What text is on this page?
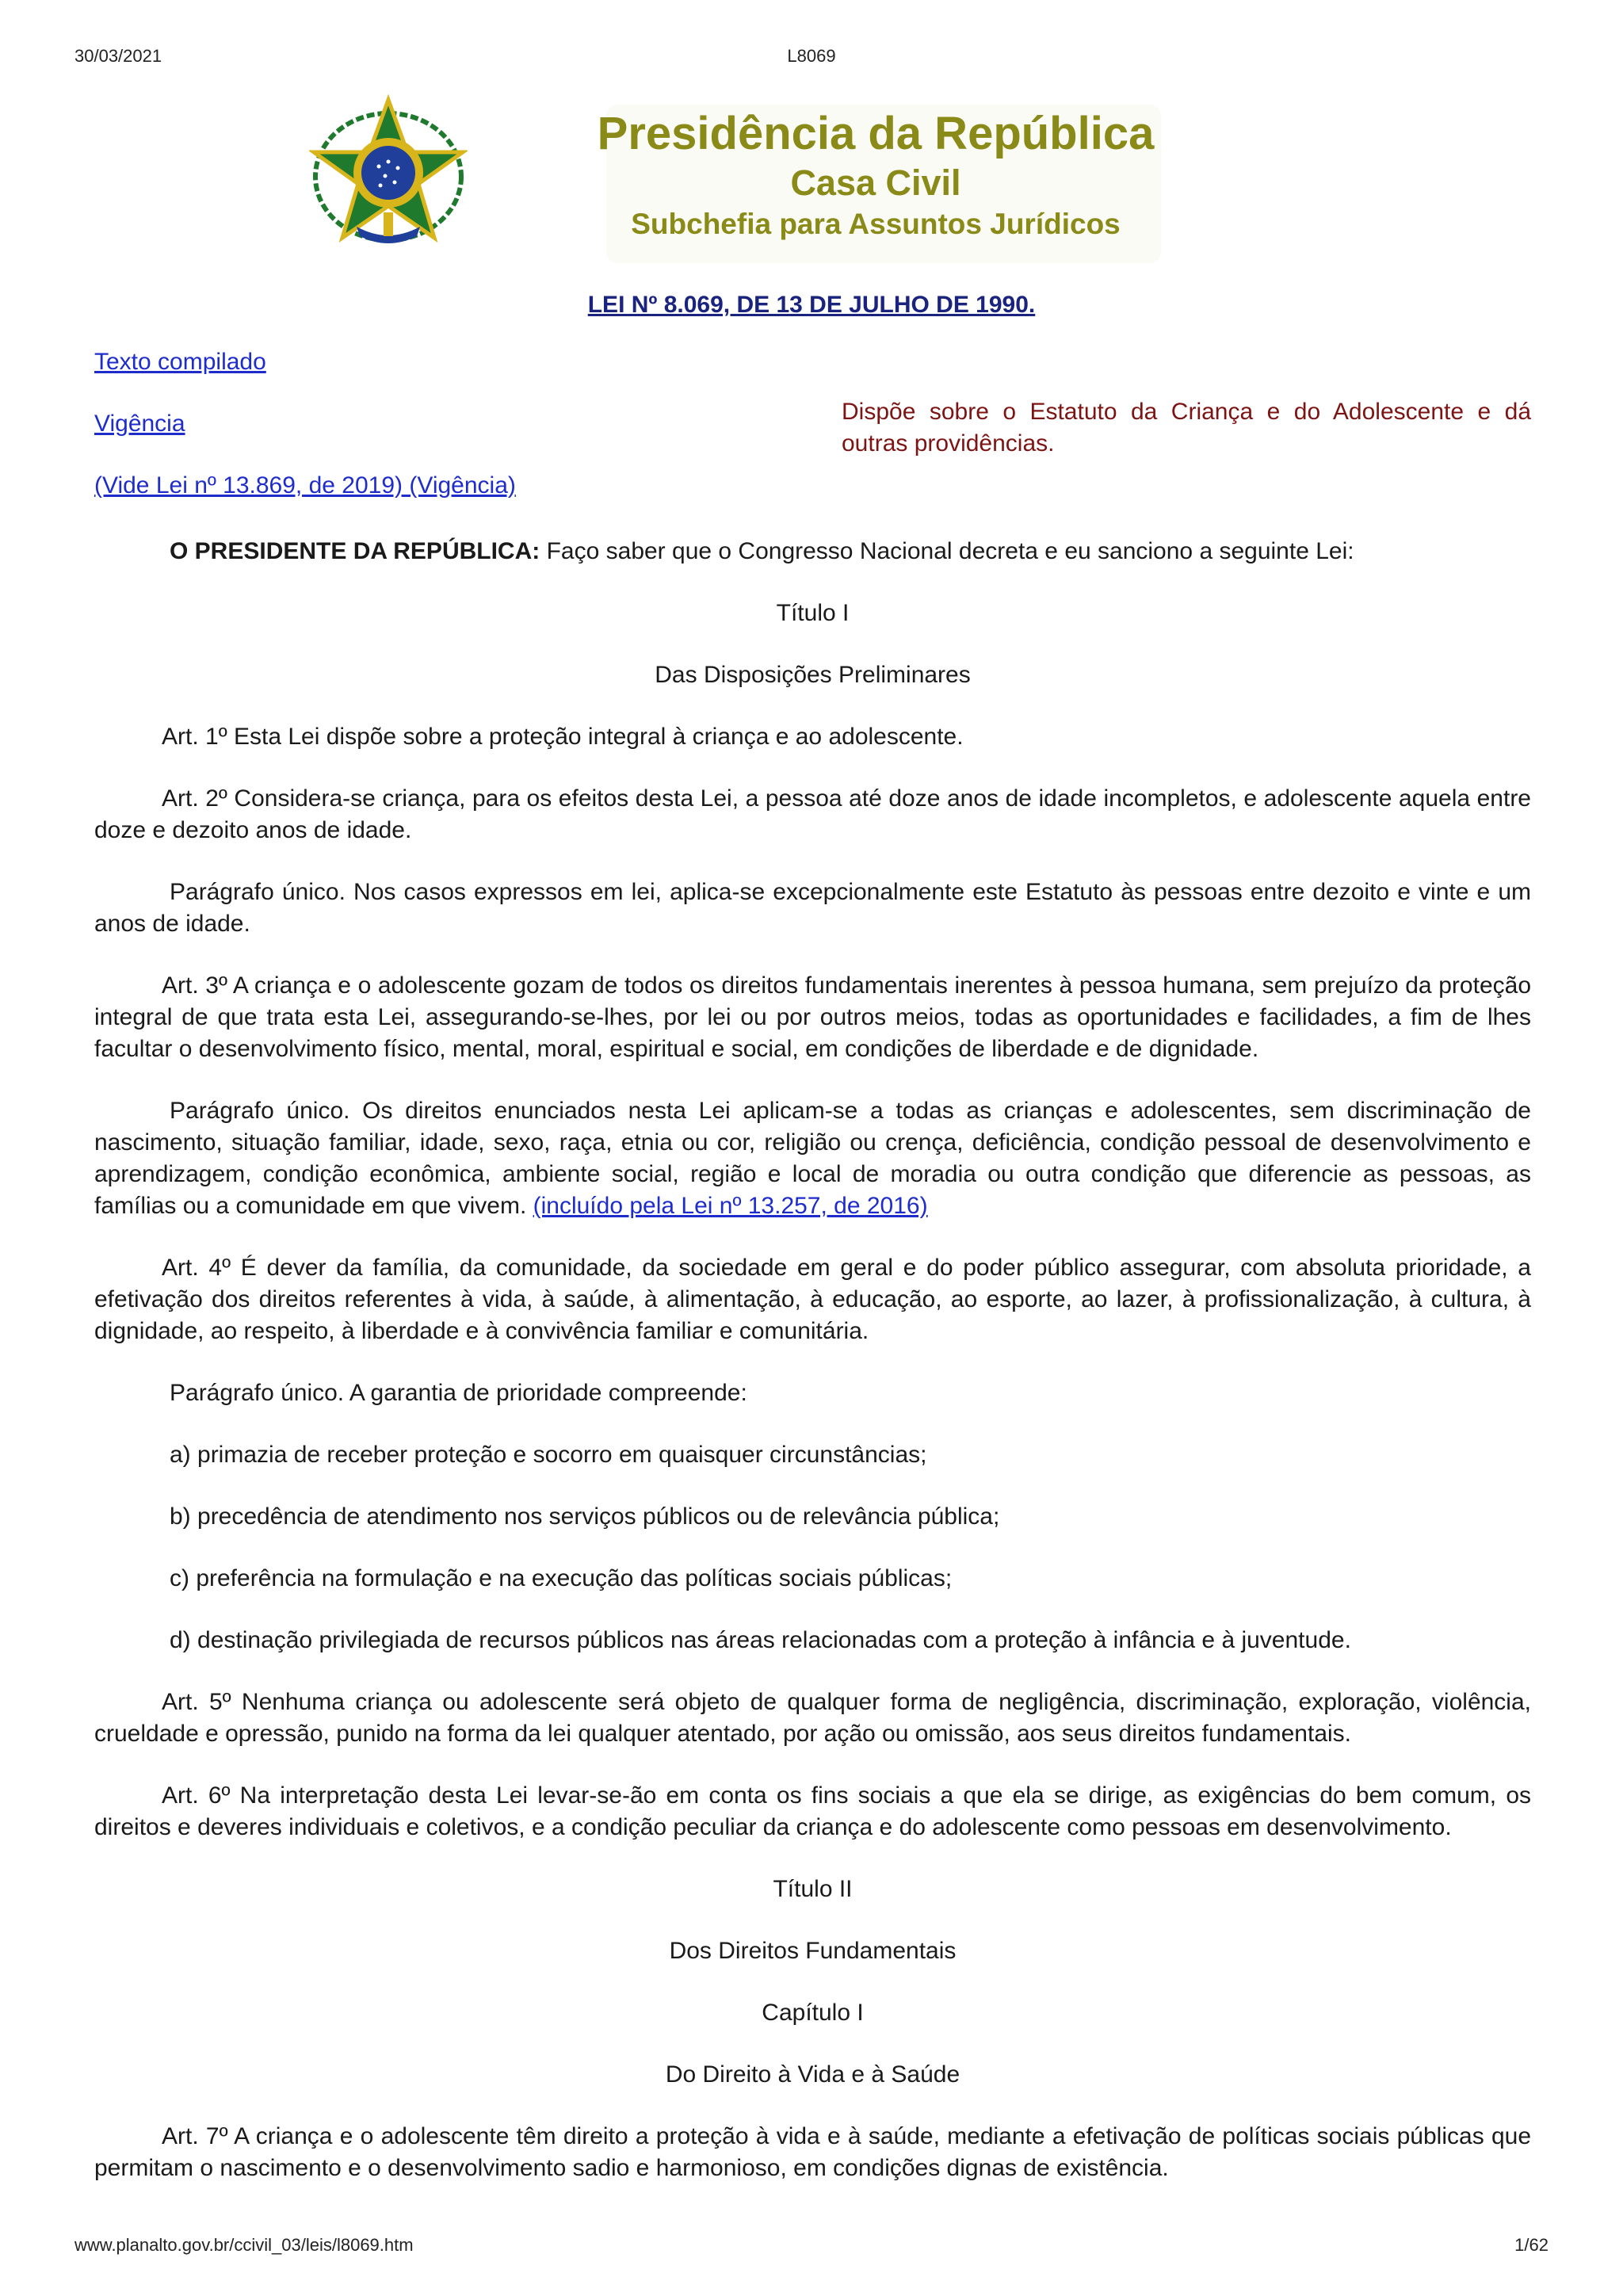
30/03/2021	L8069
Presidência da República
Casa Civil
Subchefia para Assuntos Jurídicos
LEI Nº 8.069, DE 13 DE JULHO DE 1990.
Texto compilado
Vigência
(Vide Lei nº 13.869, de 2019) (Vigência)
Dispõe sobre o Estatuto da Criança e do Adolescente e dá outras providências.

O PRESIDENTE DA REPÚBLICA: Faço saber que o Congresso Nacional decreta e eu sanciono a seguinte Lei:

Título I

Das Disposições Preliminares

Art. 1º Esta Lei dispõe sobre a proteção integral à criança e ao adolescente.

Art. 2º Considera-se criança, para os efeitos desta Lei, a pessoa até doze anos de idade incompletos, e adolescente aquela entre doze e dezoito anos de idade.

Parágrafo único. Nos casos expressos em lei, aplica-se excepcionalmente este Estatuto às pessoas entre dezoito e vinte e um anos de idade.

Art. 3º A criança e o adolescente gozam de todos os direitos fundamentais inerentes à pessoa humana, sem prejuízo da proteção integral de que trata esta Lei, assegurando-se-lhes, por lei ou por outros meios, todas as oportunidades e facilidades, a fim de lhes facultar o desenvolvimento físico, mental, moral, espiritual e social, em condições de liberdade e de dignidade.

Parágrafo único. Os direitos enunciados nesta Lei aplicam-se a todas as crianças e adolescentes, sem discriminação de nascimento, situação familiar, idade, sexo, raça, etnia ou cor, religião ou crença, deficiência, condição pessoal de desenvolvimento e aprendizagem, condição econômica, ambiente social, região e local de moradia ou outra condição que diferencie as pessoas, as famílias ou a comunidade em que vivem. (incluído pela Lei nº 13.257, de 2016)

Art. 4º É dever da família, da comunidade, da sociedade em geral e do poder público assegurar, com absoluta prioridade, a efetivação dos direitos referentes à vida, à saúde, à alimentação, à educação, ao esporte, ao lazer, à profissionalização, à cultura, à dignidade, ao respeito, à liberdade e à convivência familiar e comunitária.

Parágrafo único. A garantia de prioridade compreende:

a) primazia de receber proteção e socorro em quaisquer circunstâncias;

b) precedência de atendimento nos serviços públicos ou de relevância pública;

c) preferência na formulação e na execução das políticas sociais públicas;

d) destinação privilegiada de recursos públicos nas áreas relacionadas com a proteção à infância e à juventude.

Art. 5º Nenhuma criança ou adolescente será objeto de qualquer forma de negligência, discriminação, exploração, violência, crueldade e opressão, punido na forma da lei qualquer atentado, por ação ou omissão, aos seus direitos fundamentais.

Art. 6º Na interpretação desta Lei levar-se-ão em conta os fins sociais a que ela se dirige, as exigências do bem comum, os direitos e deveres individuais e coletivos, e a condição peculiar da criança e do adolescente como pessoas em desenvolvimento.

Título II

Dos Direitos Fundamentais

Capítulo I

Do Direito à Vida e à Saúde

Art. 7º A criança e o adolescente têm direito a proteção à vida e à saúde, mediante a efetivação de políticas sociais públicas que permitam o nascimento e o desenvolvimento sadio e harmonioso, em condições dignas de existência.

www.planalto.gov.br/ccivil_03/leis/l8069.htm	1/62
